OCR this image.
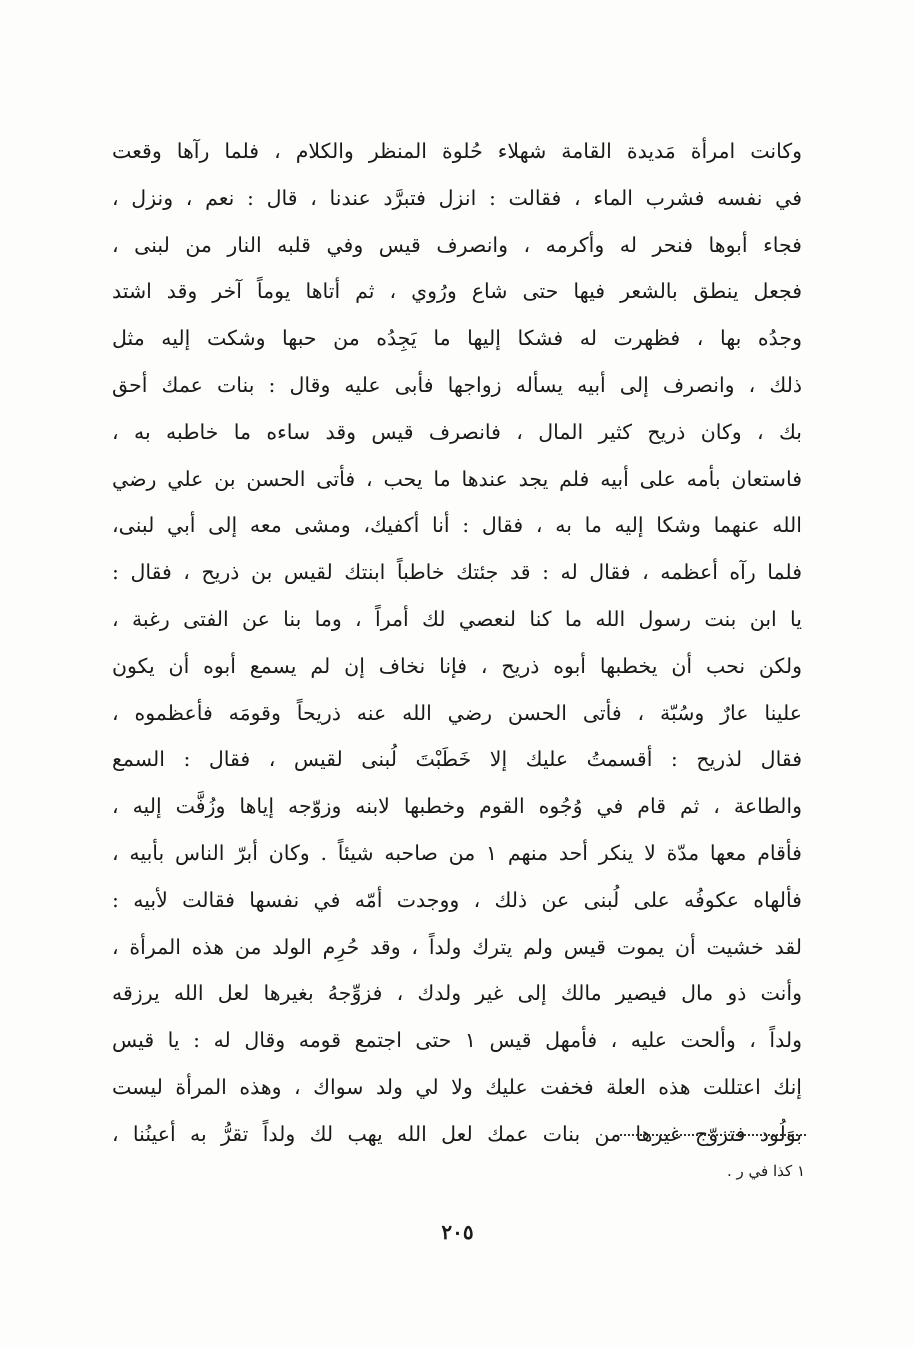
وكانت امرأة مَديدة القامة شهلاء حُلوة المنظر والكلام ، فلما رآها وقعت
في نفسه فشرب الماء ، فقالت : انزل فتبرَّد عندنا ، قال : نعم ، ونزل ،
فجاء أبوها فنحر له وأكرمه ، وانصرف قيس وفي قلبه النار من لبنى ،
فجعل ينطق بالشعر فيها حتى شاع ورُوي ، ثم أتاها يوماً آخر وقد اشتد
وجدُه بها ، فظهرت له فشكا إليها ما يَجِدُه من حبها وشكت إليه مثل
ذلك ، وانصرف إلى أبيه يسأله زواجها فأبى عليه وقال : بنات عمك أحق
بك ، وكان ذريح كثير المال ، فانصرف قيس وقد ساءه ما خاطبه به ،
فاستعان بأمه على أبيه فلم يجد عندها ما يحب ، فأتى الحسن بن علي رضي
الله عنهما وشكا إليه ما به ، فقال : أنا أكفيك، ومشى معه إلى أبي لبنى،
فلما رآه أعظمه ، فقال له : قد جئتك خاطباً ابنتك لقيس بن ذريح ، فقال :
يا ابن بنت رسول الله ما كنا لنعصي لك أمراً ، وما بنا عن الفتى رغبة ،
ولكن نحب أن يخطبها أبوه ذريح ، فإنا نخاف إن لم يسمع أبوه أن يكون
علينا عارٌ وسُبّة ، فأتى الحسن رضي الله عنه ذريحاً وقومَه فأعظموه ،
فقال لذريح : أقسمتُ عليك إلا خَطَبْتَ لُبنى لقيس ، فقال : السمع
والطاعة ، ثم قام في وُجُوه القوم وخطبها لابنه وزوّجه إياها وزُفَّت إليه ،
فأقام معها مدّة لا ينكر أحد منهم ١ من صاحبه شيئاً . وكان أبرّ الناس بأبيه ،
فألهاه عكوفُه على لُبنى عن ذلك ، ووجدت أمّه في نفسها فقالت لأبيه :
لقد خشيت أن يموت قيس ولم يترك ولداً ، وقد حُرِم الولد من هذه المرأة ،
وأنت ذو مال فيصير مالك إلى غير ولدك ، فزوِّجهُ بغيرها لعل الله يرزقه
ولداً ، وألحت عليه ، فأمهل قيس ١ حتى اجتمع قومه وقال له : يا قيس
إنك اعتللت هذه العلة فخفت عليك ولا لي ولد سواك ، وهذه المرأة ليست
بوَلُود فتزوّج غيرها من بنات عمك لعل الله يهب لك ولداً تقرُّ به أعينُنا ،
١ كذا في ر .
٢٠٥
